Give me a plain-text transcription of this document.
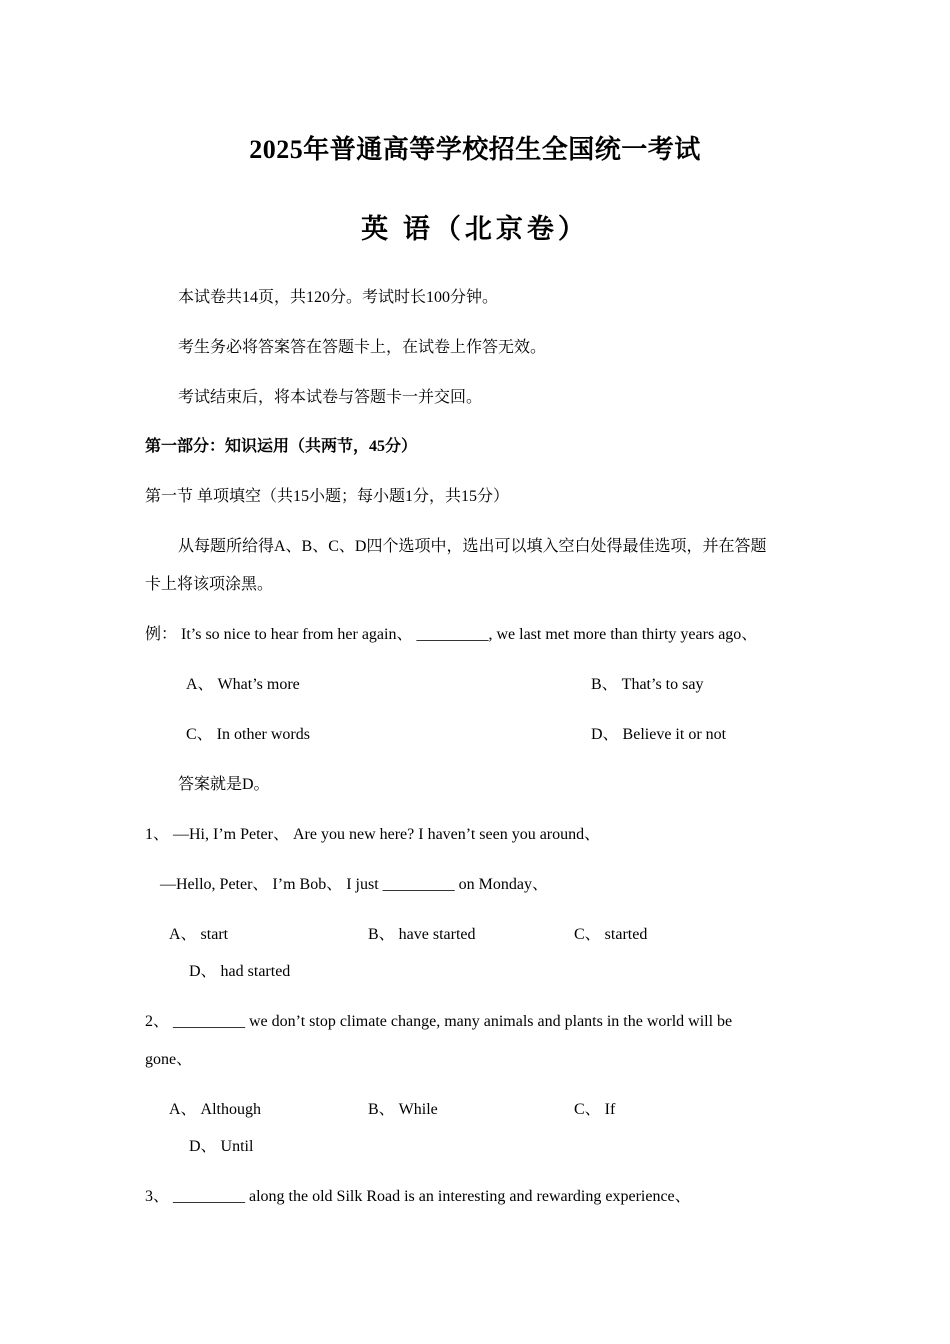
2025年普通高等学校招生全国统一考试
英 语（北京卷）
本试卷共14页，共120分。考试时长100分钟。
考生务必将答案答在答题卡上，在试卷上作答无效。
考试结束后，将本试卷与答题卡一并交回。
第一部分：知识运用（共两节，45分）
第一节 单项填空（共15小题；每小题1分，共15分）
从每题所给得A、B、C、D四个选项中，选出可以填入空白处得最佳选项，并在答题
卡上将该项涂黑。
例： It’s so nice to hear from her again、 _________, we last met more than thirty years ago、
A、 What’s more	B、 That’s to say
C、 In other words	D、 Believe it or not
答案就是D。
1、 —Hi, I’m Peter、 Are you new here? I haven’t seen you around、
—Hello, Peter、 I’m Bob、 I just _________ on Monday、
A、 start	B、 have started	C、 started
D、 had started
2、 _________ we don’t stop climate change, many animals and plants in the world will be
gone、
A、 Although	B、 While	C、 If
D、 Until
3、 _________ along the old Silk Road is an interesting and rewarding experience、
